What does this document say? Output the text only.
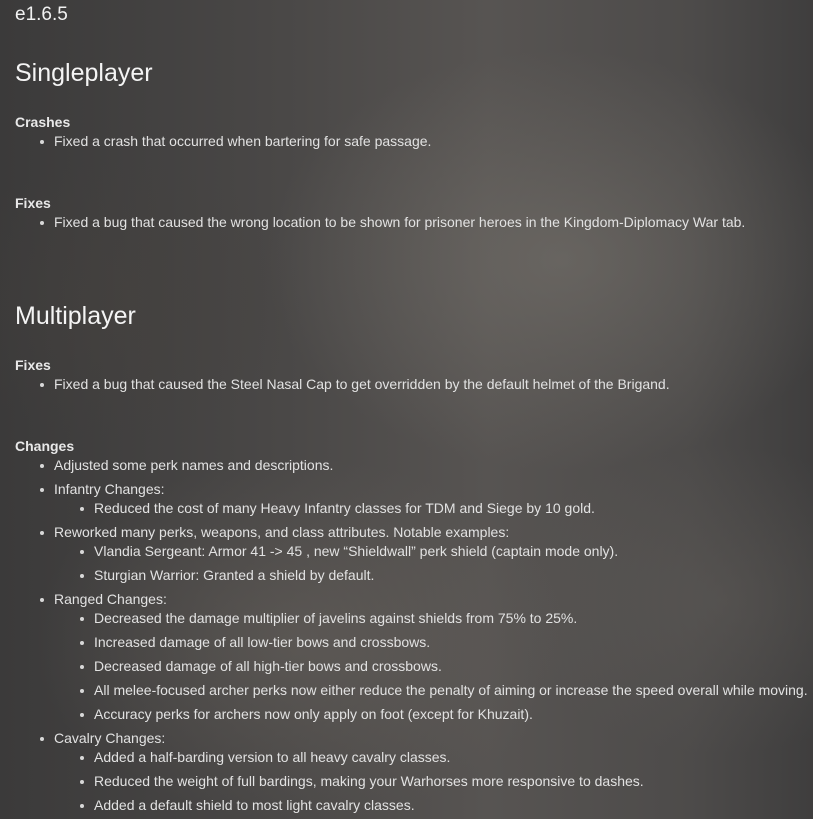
e1.6.5
Singleplayer
Crashes
Fixed a crash that occurred when bartering for safe passage.
Fixes
Fixed a bug that caused the wrong location to be shown for prisoner heroes in the Kingdom-Diplomacy War tab.
Multiplayer
Fixes
Fixed a bug that caused the Steel Nasal Cap to get overridden by the default helmet of the Brigand.
Changes
Adjusted some perk names and descriptions.
Infantry Changes:
Reduced the cost of many Heavy Infantry classes for TDM and Siege by 10 gold.
Reworked many perks, weapons, and class attributes. Notable examples:
Vlandia Sergeant: Armor 41 -> 45 , new “Shieldwall” perk shield (captain mode only).
Sturgian Warrior: Granted a shield by default.
Ranged Changes:
Decreased the damage multiplier of javelins against shields from 75% to 25%.
Increased damage of all low-tier bows and crossbows.
Decreased damage of all high-tier bows and crossbows.
All melee-focused archer perks now either reduce the penalty of aiming or increase the speed overall while moving.
Accuracy perks for archers now only apply on foot (except for Khuzait).
Cavalry Changes:
Added a half-barding version to all heavy cavalry classes.
Reduced the weight of full bardings, making your Warhorses more responsive to dashes.
Added a default shield to most light cavalry classes.
